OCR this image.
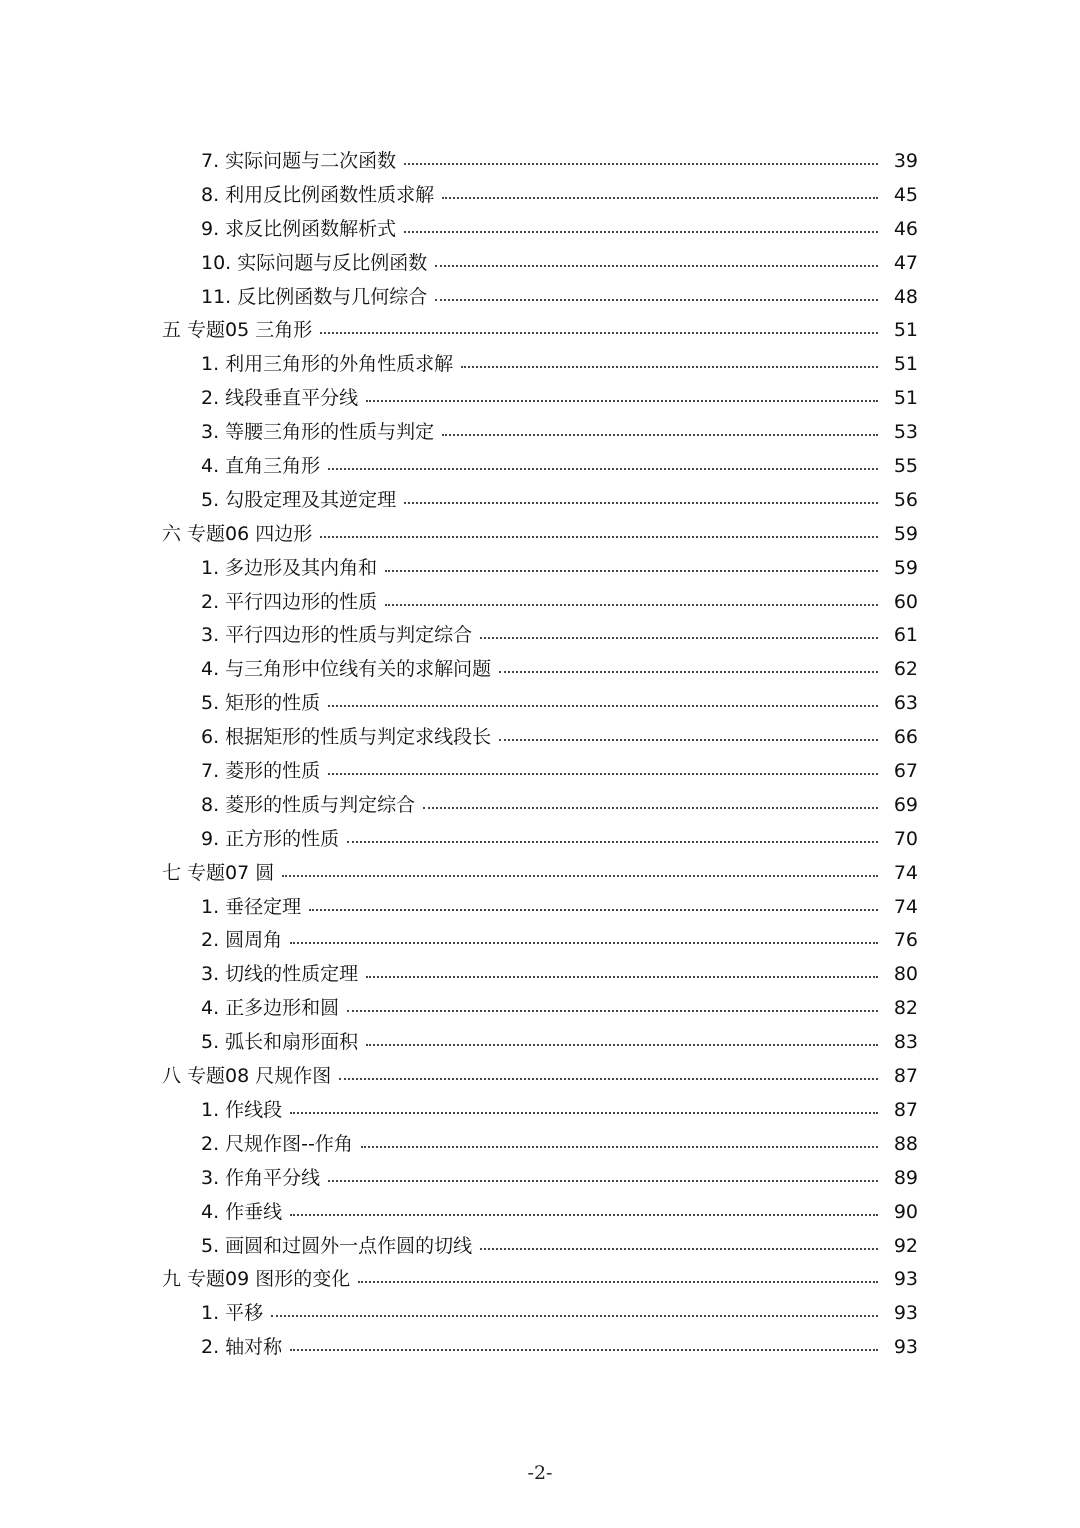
7. 实际问题与二次函数	39
8. 利用反比例函数性质求解	45
9. 求反比例函数解析式	46
10. 实际问题与反比例函数	47
11. 反比例函数与几何综合	48
五 专题05 三角形	51
1. 利用三角形的外角性质求解	51
2. 线段垂直平分线	51
3. 等腰三角形的性质与判定	53
4. 直角三角形	55
5. 勾股定理及其逆定理	56
六 专题06 四边形	59
1. 多边形及其内角和	59
2. 平行四边形的性质	60
3. 平行四边形的性质与判定综合	61
4. 与三角形中位线有关的求解问题	62
5. 矩形的性质	63
6. 根据矩形的性质与判定求线段长	66
7. 菱形的性质	67
8. 菱形的性质与判定综合	69
9. 正方形的性质	70
七 专题07 圆	74
1. 垂径定理	74
2. 圆周角	76
3. 切线的性质定理	80
4. 正多边形和圆	82
5. 弧长和扇形面积	83
八 专题08 尺规作图	87
1. 作线段	87
2. 尺规作图--作角	88
3. 作角平分线	89
4. 作垂线	90
5. 画圆和过圆外一点作圆的切线	92
九 专题09 图形的变化	93
1. 平移	93
2. 轴对称	93
-2-
